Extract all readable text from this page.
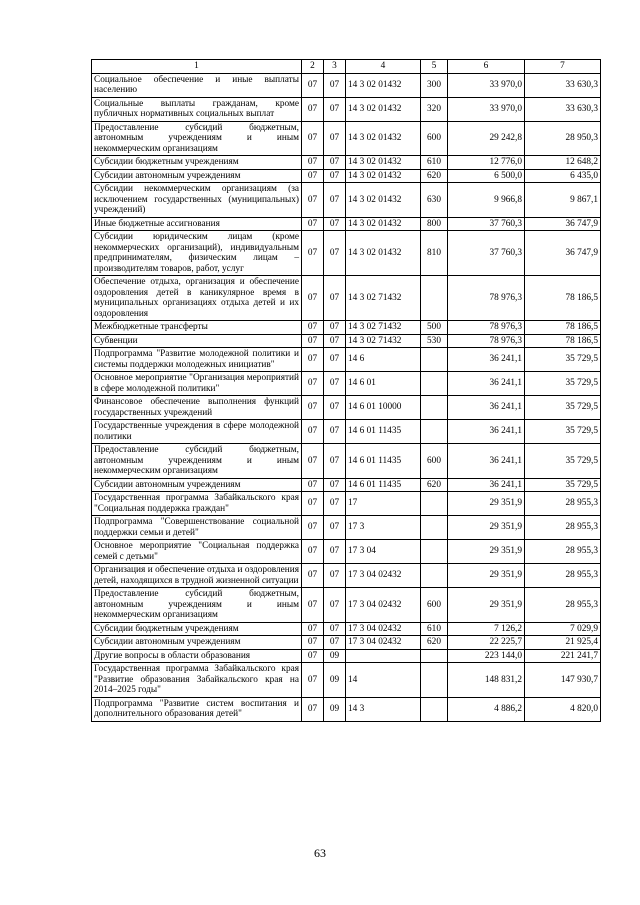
1	2	3	4	5	6	7
Социальное обеспечение и иные выплаты населению	07	07	14 3 02 01432	300	33 970,0	33 630,3
Социальные выплаты гражданам, кроме публичных нормативных социальных выплат	07	07	14 3 02 01432	320	33 970,0	33 630,3
Предоставление субсидий бюджетным, автономным учреждениям и иным некоммерческим организациям	07	07	14 3 02 01432	600	29 242,8	28 950,3
Субсидии бюджетным учреждениям	07	07	14 3 02 01432	610	12 776,0	12 648,2
Субсидии автономным учреждениям	07	07	14 3 02 01432	620	6 500,0	6 435,0
Субсидии некоммерческим организациям (за исключением государственных (муниципальных) учреждений)	07	07	14 3 02 01432	630	9 966,8	9 867,1
Иные бюджетные ассигнования	07	07	14 3 02 01432	800	37 760,3	36 747,9
Субсидии юридическим лицам (кроме некоммерческих организаций), индивидуальным предпринимателям, физическим лицам – производителям товаров, работ, услуг	07	07	14 3 02 01432	810	37 760,3	36 747,9
Обеспечение отдыха, организация и обеспечение оздоровления детей в каникулярное время в муниципальных организациях отдыха детей и их оздоровления	07	07	14 3 02 71432		78 976,3	78 186,5
Межбюджетные трансферты	07	07	14 3 02 71432	500	78 976,3	78 186,5
Субвенции	07	07	14 3 02 71432	530	78 976,3	78 186,5
Подпрограмма "Развитие молодежной политики и системы поддержки молодежных инициатив"	07	07	14 6		36 241,1	35 729,5
Основное мероприятие "Организация мероприятий в сфере молодежной политики"	07	07	14 6 01		36 241,1	35 729,5
Финансовое обеспечение выполнения функций государственных учреждений	07	07	14 6 01 10000		36 241,1	35 729,5
Государственные учреждения в сфере молодежной политики	07	07	14 6 01 11435		36 241,1	35 729,5
Предоставление субсидий бюджетным, автономным учреждениям и иным некоммерческим организациям	07	07	14 6 01 11435	600	36 241,1	35 729,5
Субсидии автономным учреждениям	07	07	14 6 01 11435	620	36 241,1	35 729,5
Государственная программа Забайкальского края "Социальная поддержка граждан"	07	07	17		29 351,9	28 955,3
Подпрограмма "Совершенствование социальной поддержки семьи и детей"	07	07	17 3		29 351,9	28 955,3
Основное мероприятие "Социальная поддержка семей с детьми"	07	07	17 3 04		29 351,9	28 955,3
Организация и обеспечение отдыха и оздоровления детей, находящихся в трудной жизненной ситуации	07	07	17 3 04 02432		29 351,9	28 955,3
Предоставление субсидий бюджетным, автономным учреждениям и иным некоммерческим организациям	07	07	17 3 04 02432	600	29 351,9	28 955,3
Субсидии бюджетным учреждениям	07	07	17 3 04 02432	610	7 126,2	7 029,9
Субсидии автономным учреждениям	07	07	17 3 04 02432	620	22 225,7	21 925,4
Другие вопросы в области образования	07	09			223 144,0	221 241,7
Государственная программа Забайкальского края "Развитие образования Забайкальского края на 2014–2025 годы"	07	09	14		148 831,2	147 930,7
Подпрограмма "Развитие систем воспитания и дополнительного образования детей"	07	09	14 3		4 886,2	4 820,0
63
